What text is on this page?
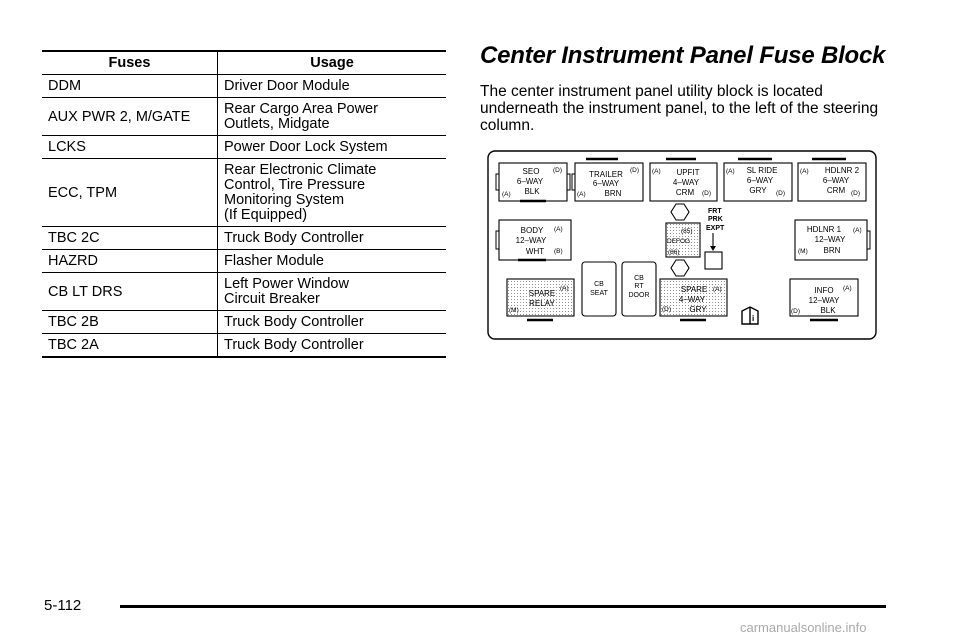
Fuses	Usage
DDM	Driver Door Module

AUX PWR 2, M/GATE	Rear Cargo Area Power
Outlets, Midgate

LCKS	Power Door Lock System

ECC, TPM	Rear Electronic Climate
Control, Tire Pressure
Monitoring System
(If Equipped)

TBC 2C	Truck Body Controller

HAZRD	Flasher Module

CB LT DRS	Left Power Window
Circuit Breaker

TBC 2B	Truck Body Controller

TBC 2A	Truck Body Controller
Center Instrument Panel Fuse Block

The center instrument panel utility block is located underneath the instrument panel, to the left of the steering column.

SEO
6–WAY
BLK
(D)
(A)
TRAILER
6–WAY
BRN
(D)
(A)
UPFIT
4–WAY
CRM
(A)
(D)
SL RIDE
6–WAY
GRY
(A)
(D)
HDLNR 2
6–WAY
CRM
(A)
(D)
BODY
12–WAY
WHT
(A)
(B)
(85)
DEFOG
(86)
FRT
PRK
EXPT	HDLNR 1
12–WAY
BRN
(A)
(M)
SPARE
RELAY
(A)
(M)
CB
SEAT
CB
RT
DOOR
SPARE
4–WAY
GRY
(A)
(D)
i
INFO
12–WAY
BLK
(A)
(D)
5-112
carmanualsonline.info
